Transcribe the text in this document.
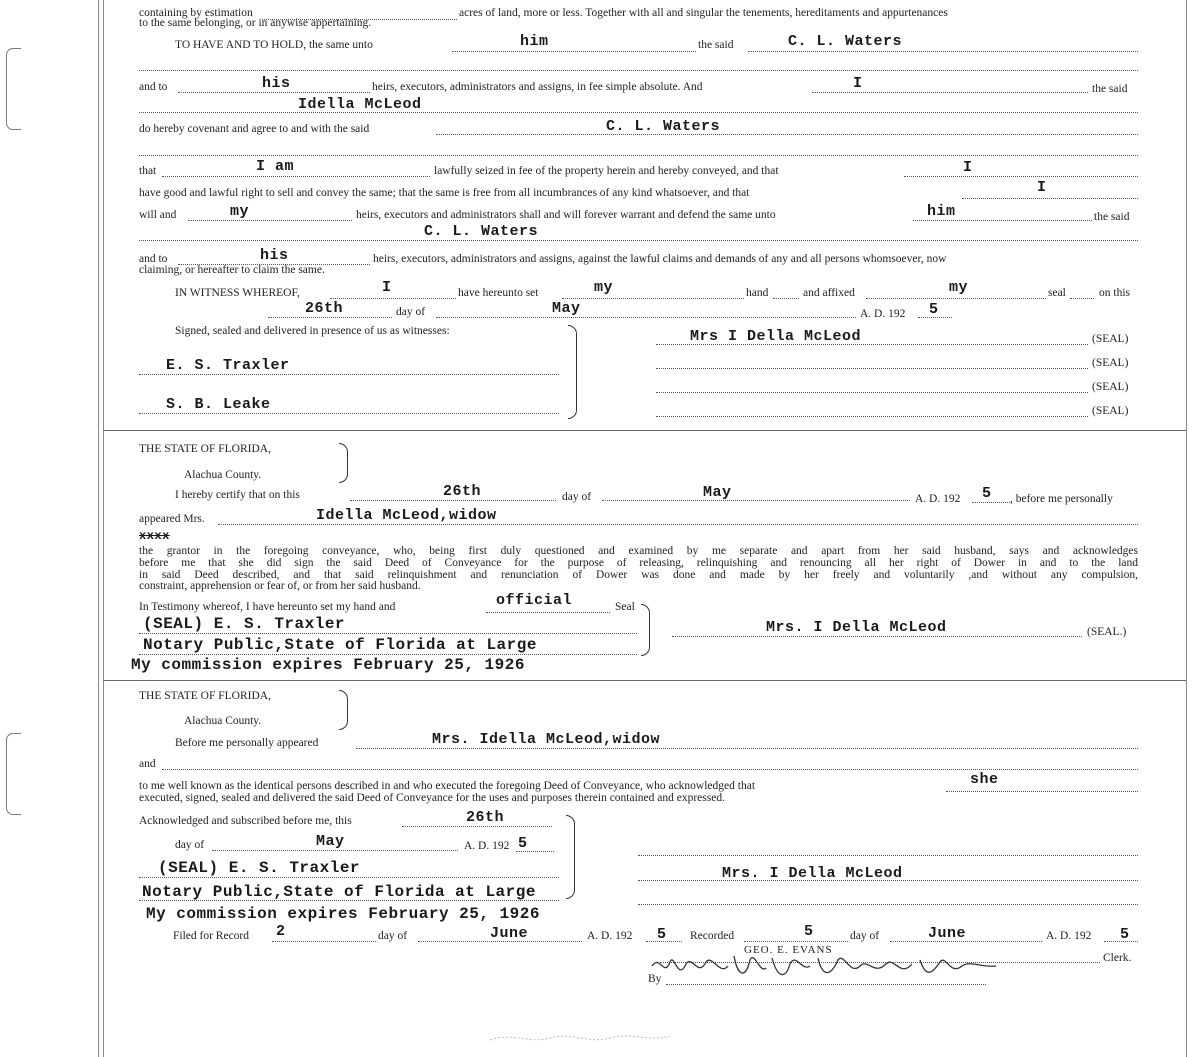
containing by estimation	acres of land, more or less. Together with all and singular the tenements, hereditaments and appurtenances
to the same belonging, or in anywise appertaining.
TO HAVE AND TO HOLD, the same unto	him	the said	C. L. Waters
and to	his	heirs, executors, administrators and assigns, in fee simple absolute. And	I	the said
Idella McLeod
do hereby covenant and agree to and with the said	C. L. Waters
that	I am	lawfully seized in fee of the property herein and hereby conveyed, and that	I
have good and lawful right to sell and convey the same; that the same is free from all incumbrances of any kind whatsoever, and that	I
will and	my	heirs, executors and administrators shall and will forever warrant and defend the same unto	him	the said
C. L. Waters
and to	his	heirs, executors, administrators and assigns, against the lawful claims and demands of any and all persons whomsoever, now
claiming, or hereafter to claim the same.
IN WITNESS WHEREOF,	I	have hereunto set	my	hand	and affixed	my	seal	on this
26th	day of	May	A. D. 192 5
Signed, sealed and delivered in presence of us as witnesses:
E. S. Traxler
S. B. Leake
Mrs I Della McLeod	(SEAL)
(SEAL)
(SEAL)
(SEAL)
THE STATE OF FLORIDA,
Alachua County.
I hereby certify that on this	26th	day of	May	A. D. 192 5 , before me personally
appeared Mrs.	Idella McLeod,widow
xxxx
the grantor in the foregoing conveyance, who, being first duly questioned and examined by me separate and apart from her said husband, says and acknowledges
before me that she did sign the said Deed of Conveyance for the purpose of releasing, relinquishing and renouncing all her right of Dower in and to the land
in said Deed described, and that said relinquishment and renunciation of Dower was done and made by her freely and voluntarily ,and without any compulsion,
constraint, apprehension or fear of, or from her said husband.
In Testimony whereof, I have hereunto set my hand and	official	Seal
(SEAL) E. S. Traxler
Notary Public,State of Florida at Large
My commission expires February 25, 1926
Mrs. I Della McLeod	(SEAL.)
THE STATE OF FLORIDA,
Alachua County.
Before me personally appeared	Mrs. Idella McLeod,widow
and
to me well known as the identical persons described in and who executed the foregoing Deed of Conveyance, who acknowledged that	she
executed, signed, sealed and delivered the said Deed of Conveyance for the uses and purposes therein contained and expressed.
Acknowledged and subscribed before me, this	26th
day of	May	A. D. 192 5
(SEAL) E. S. Traxler
Notary Public,State of Florida at Large
My commission expires February 25, 1926
Mrs. I Della McLeod
Filed for Record 2	day of	June	A. D. 192 5 Recorded	5	day of	June	A. D. 192 5
GEO. E. EVANS
Clerk.
By
